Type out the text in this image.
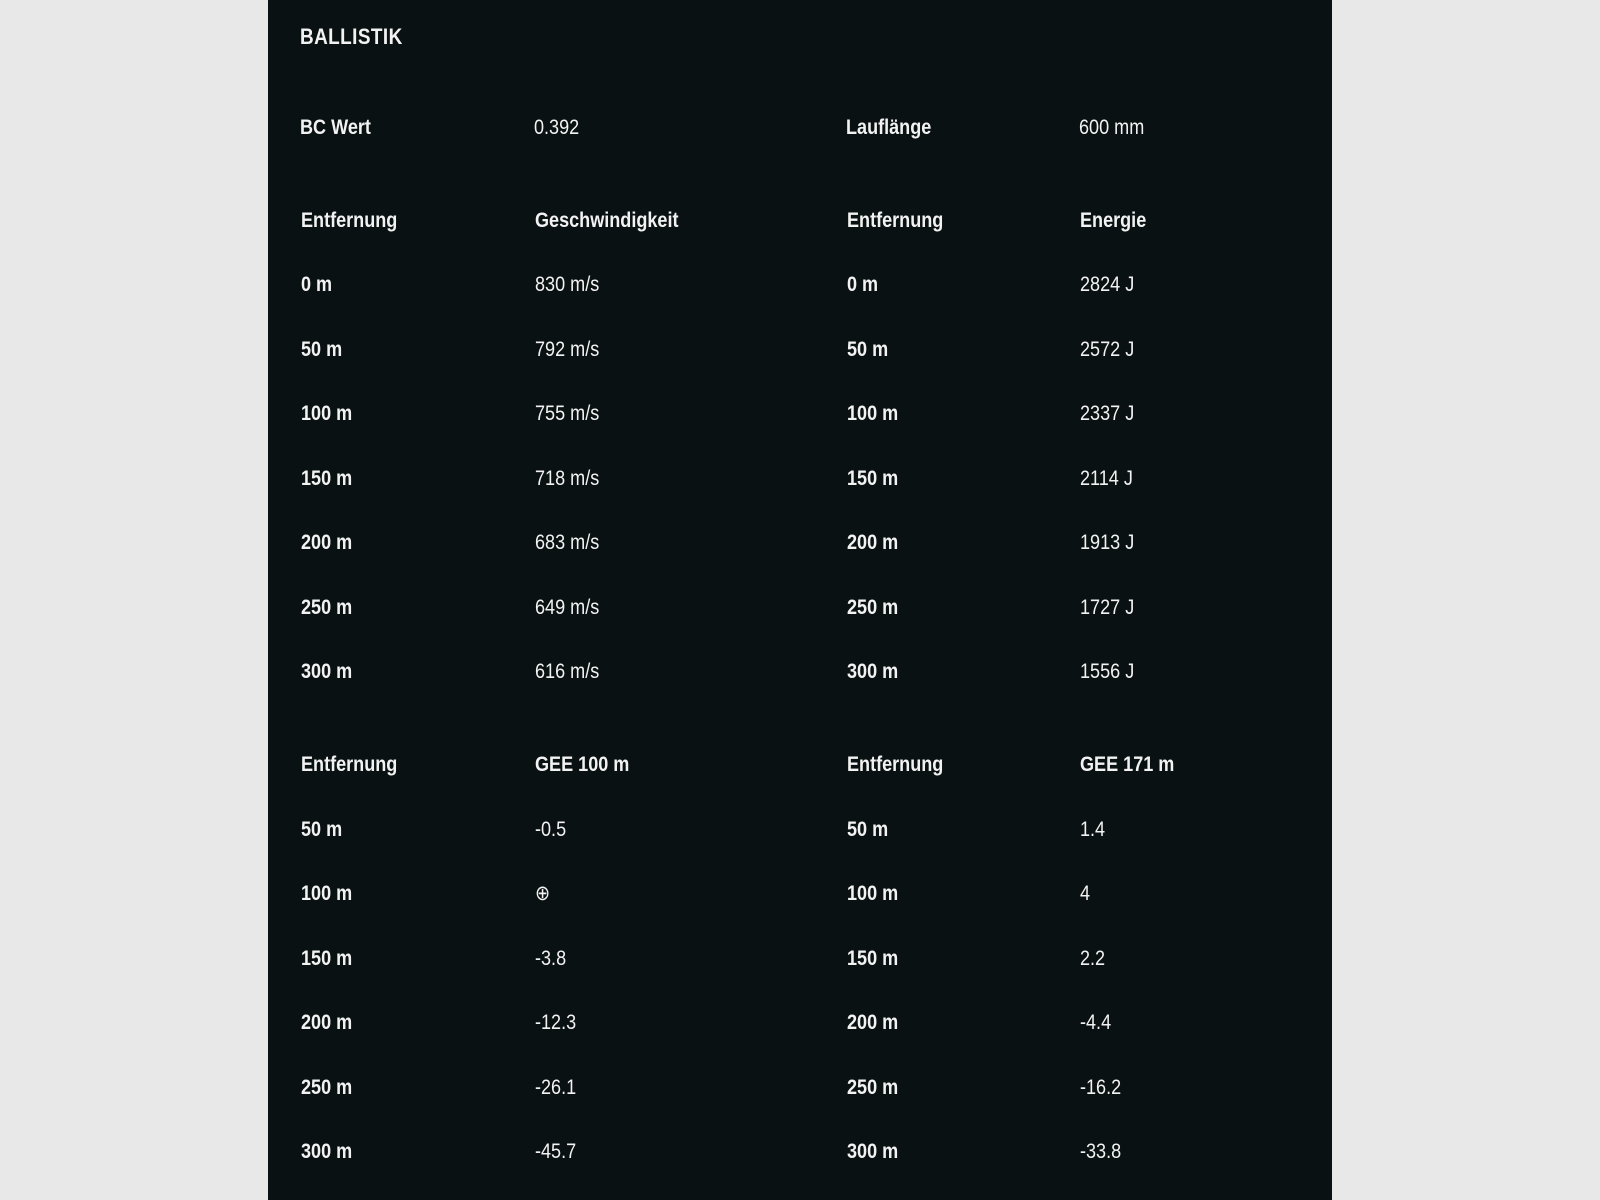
BALLISTIK
BC Wert	0.392	Lauflänge	600 mm
Entfernung	Geschwindigkeit	Entfernung	Energie
0 m	830 m/s	0 m	2824 J
50 m	792 m/s	50 m	2572 J
100 m	755 m/s	100 m	2337 J
150 m	718 m/s	150 m	2114 J
200 m	683 m/s	200 m	1913 J
250 m	649 m/s	250 m	1727 J
300 m	616 m/s	300 m	1556 J
Entfernung	GEE 100 m	Entfernung	GEE 171 m
50 m	-0.5	50 m	1.4
100 m	⊕	100 m	4
150 m	-3.8	150 m	2.2
200 m	-12.3	200 m	-4.4
250 m	-26.1	250 m	-16.2
300 m	-45.7	300 m	-33.8
